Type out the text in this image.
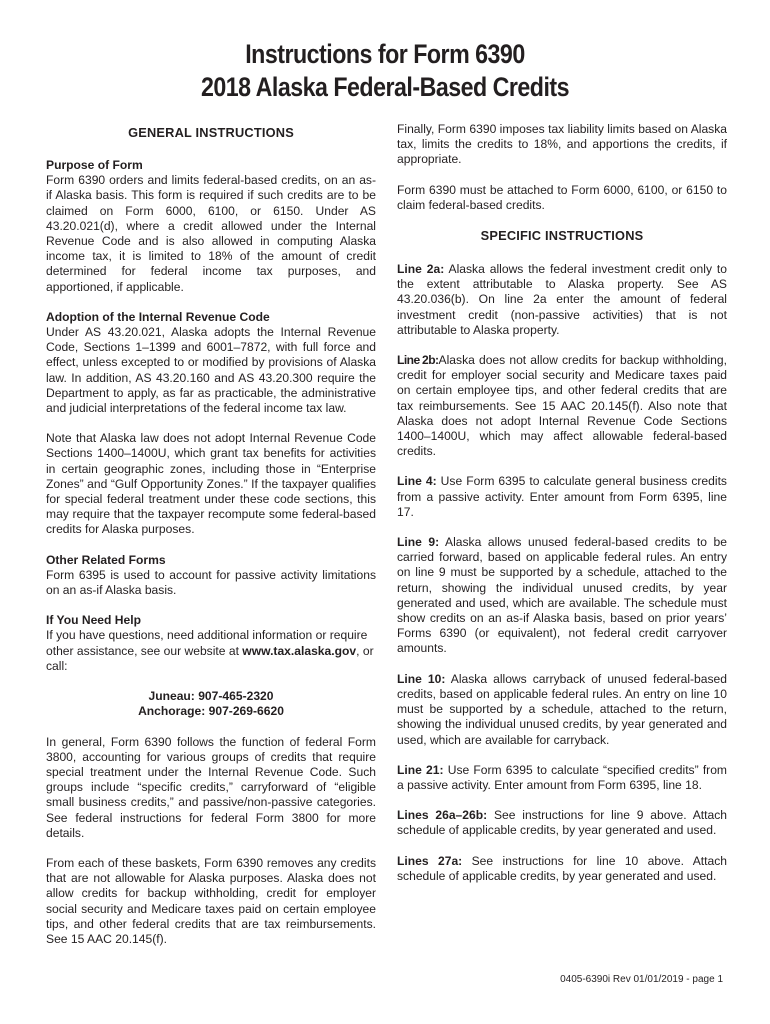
Instructions for Form 6390
2018 Alaska Federal-Based Credits
GENERAL INSTRUCTIONS

Purpose of Form
Form 6390 orders and limits federal-based credits, on an as-if Alaska basis. This form is required if such credits are to be claimed on Form 6000, 6100, or 6150. Under AS 43.20.021(d), where a credit allowed under the Internal Revenue Code and is also allowed in computing Alaska income tax, it is limited to 18% of the amount of credit determined for federal income tax purposes, and apportioned, if applicable.

Adoption of the Internal Revenue Code
Under AS 43.20.021, Alaska adopts the Internal Revenue Code, Sections 1–1399 and 6001–7872, with full force and effect, unless excepted to or modified by provisions of Alaska law. In addition, AS 43.20.160 and AS 43.20.300 require the Department to apply, as far as practicable, the administrative and judicial interpretations of the federal income tax law.

Note that Alaska law does not adopt Internal Revenue Code Sections 1400–1400U, which grant tax benefits for activities in certain geographic zones, including those in “Enterprise Zones” and “Gulf Opportunity Zones.” If the taxpayer qualifies for special federal treatment under these code sections, this may require that the taxpayer recompute some federal-based credits for Alaska purposes.

Other Related Forms
Form 6395 is used to account for passive activity limitations on an as-if Alaska basis.

If You Need Help
If you have questions, need additional information or require other assistance, see our website at www.tax.alaska.gov, or call:

Juneau: 907-465-2320
Anchorage: 907-269-6620

In general, Form 6390 follows the function of federal Form 3800, accounting for various groups of credits that require special treatment under the Internal Revenue Code. Such groups include “specific credits,” carryforward of “eligible small business credits,” and passive/non-passive categories. See federal instructions for federal Form 3800 for more details.

From each of these baskets, Form 6390 removes any credits that are not allowable for Alaska purposes. Alaska does not allow credits for backup withholding, credit for employer social security and Medicare taxes paid on certain employee tips, and other federal credits that are tax reimbursements. See 15 AAC 20.145(f).

Finally, Form 6390 imposes tax liability limits based on Alaska tax, limits the credits to 18%, and apportions the credits, if appropriate.

Form 6390 must be attached to Form 6000, 6100, or 6150 to claim federal-based credits.

SPECIFIC INSTRUCTIONS

Line 2a: Alaska allows the federal investment credit only to the extent attributable to Alaska property. See AS 43.20.036(b). On line 2a enter the amount of federal investment credit (non-passive activities) that is not attributable to Alaska property.

Line 2b:Alaska does not allow credits for backup withholding, credit for employer social security and Medicare taxes paid on certain employee tips, and other federal credits that are tax reimbursements. See 15 AAC 20.145(f). Also note that Alaska does not adopt Internal Revenue Code Sections 1400–1400U, which may affect allowable federal-based credits.

Line 4: Use Form 6395 to calculate general business credits from a passive activity. Enter amount from Form 6395, line 17.

Line 9: Alaska allows unused federal-based credits to be carried forward, based on applicable federal rules. An entry on line 9 must be supported by a schedule, attached to the return, showing the individual unused credits, by year generated and used, which are available. The schedule must show credits on an as-if Alaska basis, based on prior years’ Forms 6390 (or equivalent), not federal credit carryover amounts.

Line 10: Alaska allows carryback of unused federal-based credits, based on applicable federal rules. An entry on line 10 must be supported by a schedule, attached to the return, showing the individual unused credits, by year generated and used, which are available for carryback.

Line 21: Use Form 6395 to calculate “specified credits” from a passive activity. Enter amount from Form 6395, line 18.

Lines 26a–26b: See instructions for line 9 above. Attach schedule of applicable credits, by year generated and used.

Lines 27a: See instructions for line 10 above. Attach schedule of applicable credits, by year generated and used.

0405-6390i Rev 01/01/2019 - page 1
